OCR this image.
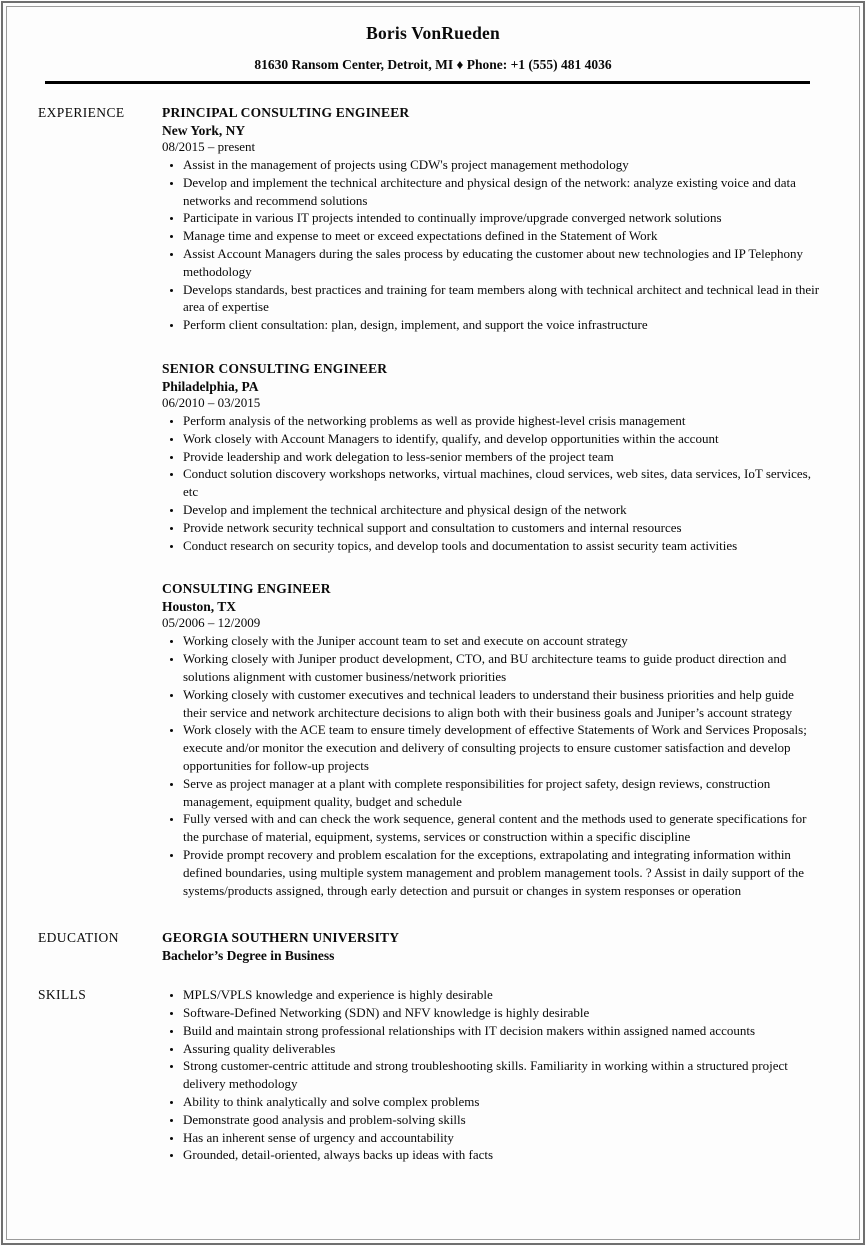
Boris VonRueden

81630 Ransom Center, Detroit, MI ♦ Phone: +1 (555) 481 4036

EXPERIENCE	PRINCIPAL CONSULTING ENGINEER
New York, NY
08/2015 – present
• Assist in the management of projects using CDW's project management methodology
• Develop and implement the technical architecture and physical design of the network: analyze existing voice and data networks and recommend solutions
• Participate in various IT projects intended to continually improve/upgrade converged network solutions
• Manage time and expense to meet or exceed expectations defined in the Statement of Work
• Assist Account Managers during the sales process by educating the customer about new technologies and IP Telephony methodology
• Develops standards, best practices and training for team members along with technical architect and technical lead in their area of expertise
• Perform client consultation: plan, design, implement, and support the voice infrastructure
SENIOR CONSULTING ENGINEER
Philadelphia, PA
06/2010 – 03/2015
• Perform analysis of the networking problems as well as provide highest-level crisis management
• Work closely with Account Managers to identify, qualify, and develop opportunities within the account
• Provide leadership and work delegation to less-senior members of the project team
• Conduct solution discovery workshops networks, virtual machines, cloud services, web sites, data services, IoT services, etc
• Develop and implement the technical architecture and physical design of the network
• Provide network security technical support and consultation to customers and internal resources
• Conduct research on security topics, and develop tools and documentation to assist security team activities
CONSULTING ENGINEER
Houston, TX
05/2006 – 12/2009
• Working closely with the Juniper account team to set and execute on account strategy
• Working closely with Juniper product development, CTO, and BU architecture teams to guide product direction and solutions alignment with customer business/network priorities
• Working closely with customer executives and technical leaders to understand their business priorities and help guide their service and network architecture decisions to align both with their business goals and Juniper’s account strategy
• Work closely with the ACE team to ensure timely development of effective Statements of Work and Services Proposals; execute and/or monitor the execution and delivery of consulting projects to ensure customer satisfaction and develop opportunities for follow-up projects
• Serve as project manager at a plant with complete responsibilities for project safety, design reviews, construction management, equipment quality, budget and schedule
• Fully versed with and can check the work sequence, general content and the methods used to generate specifications for the purchase of material, equipment, systems, services or construction within a specific discipline
• Provide prompt recovery and problem escalation for the exceptions, extrapolating and integrating information within defined boundaries, using multiple system management and problem management tools. ? Assist in daily support of the systems/products assigned, through early detection and pursuit or changes in system responses or operation
EDUCATION	GEORGIA SOUTHERN UNIVERSITY
Bachelor’s Degree in Business
SKILLS	• MPLS/VPLS knowledge and experience is highly desirable
• Software-Defined Networking (SDN) and NFV knowledge is highly desirable
• Build and maintain strong professional relationships with IT decision makers within assigned named accounts
• Assuring quality deliverables
• Strong customer-centric attitude and strong troubleshooting skills. Familiarity in working within a structured project delivery methodology
• Ability to think analytically and solve complex problems
• Demonstrate good analysis and problem-solving skills
• Has an inherent sense of urgency and accountability
• Grounded, detail-oriented, always backs up ideas with facts
